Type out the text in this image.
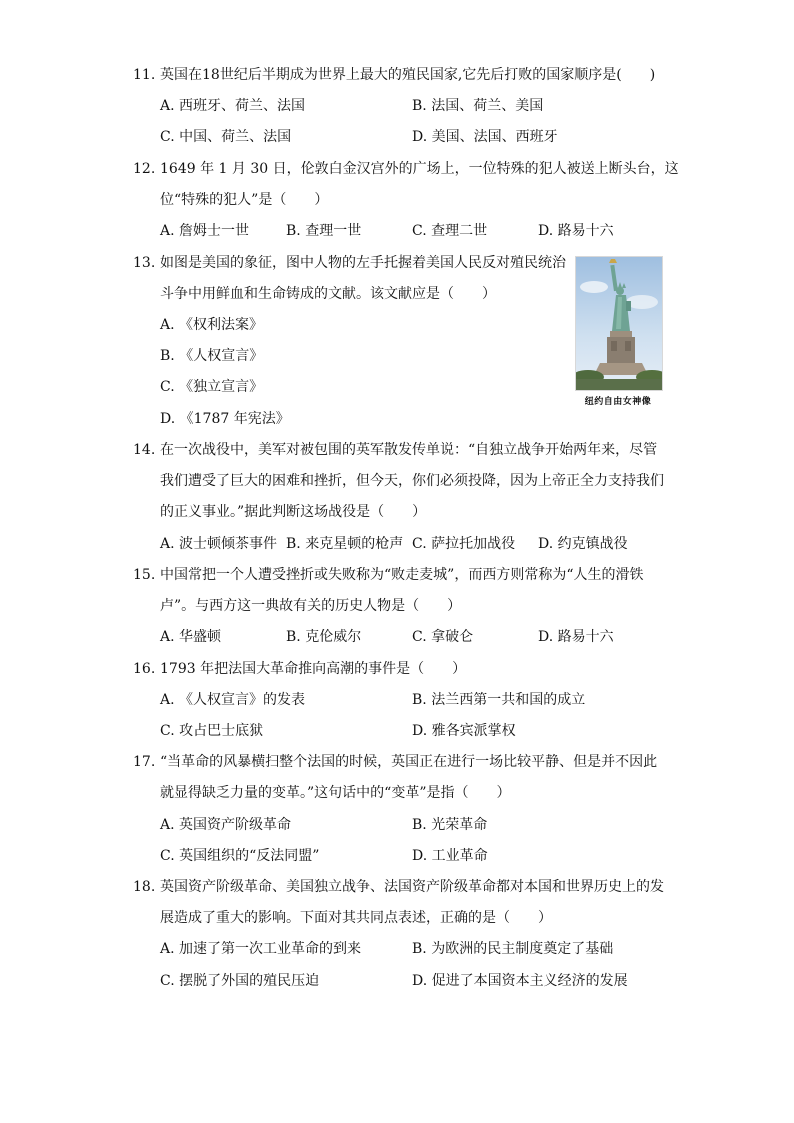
11. 英国在18世纪后半期成为世界上最大的殖民国家,它先后打败的国家顺序是(　　)
A. 西班牙、荷兰、法国	B. 法国、荷兰、美国
C. 中国、荷兰、法国	D. 美国、法国、西班牙
12. 1649 年 1 月 30 日，伦敦白金汉宫外的广场上，一位特殊的犯人被送上断头台，这
位“特殊的犯人”是（　　）
A. 詹姆士一世	B. 查理一世	C. 查理二世	D. 路易十六
13. 如图是美国的象征，图中人物的左手托握着美国人民反对殖民统治
斗争中用鲜血和生命铸成的文献。该文献应是（　　）
A. 《权利法案》
B. 《人权宣言》
C. 《独立宣言》
D. 《1787 年宪法》
纽约自由女神像
14. 在一次战役中，美军对被包围的英军散发传单说：“自独立战争开始两年来，尽管
我们遭受了巨大的困难和挫折，但今天，你们必须投降，因为上帝正全力支持我们
的正义事业。”据此判断这场战役是（　　）
A. 波士顿倾茶事件 B. 来克星顿的枪声 C. 萨拉托加战役 D. 约克镇战役
15. 中国常把一个人遭受挫折或失败称为“败走麦城”，而西方则常称为“人生的滑铁
卢”。与西方这一典故有关的历史人物是（　　）
A. 华盛顿	B. 克伦威尔	C. 拿破仑	D. 路易十六
16. 1793 年把法国大革命推向高潮的事件是（　　）
A. 《人权宣言》的发表	B. 法兰西第一共和国的成立
C. 攻占巴士底狱	D. 雅各宾派掌权
17. “当革命的风暴横扫整个法国的时候，英国正在进行一场比较平静、但是并不因此
就显得缺乏力量的变革。”这句话中的“变革”是指（　　）
A. 英国资产阶级革命	B. 光荣革命
C. 英国组织的“反法同盟”	D. 工业革命
18. 英国资产阶级革命、美国独立战争、法国资产阶级革命都对本国和世界历史上的发
展造成了重大的影响。下面对其共同点表述，正确的是（　　）
A. 加速了第一次工业革命的到来	B. 为欧洲的民主制度奠定了基础
C. 摆脱了外国的殖民压迫	D. 促进了本国资本主义经济的发展
